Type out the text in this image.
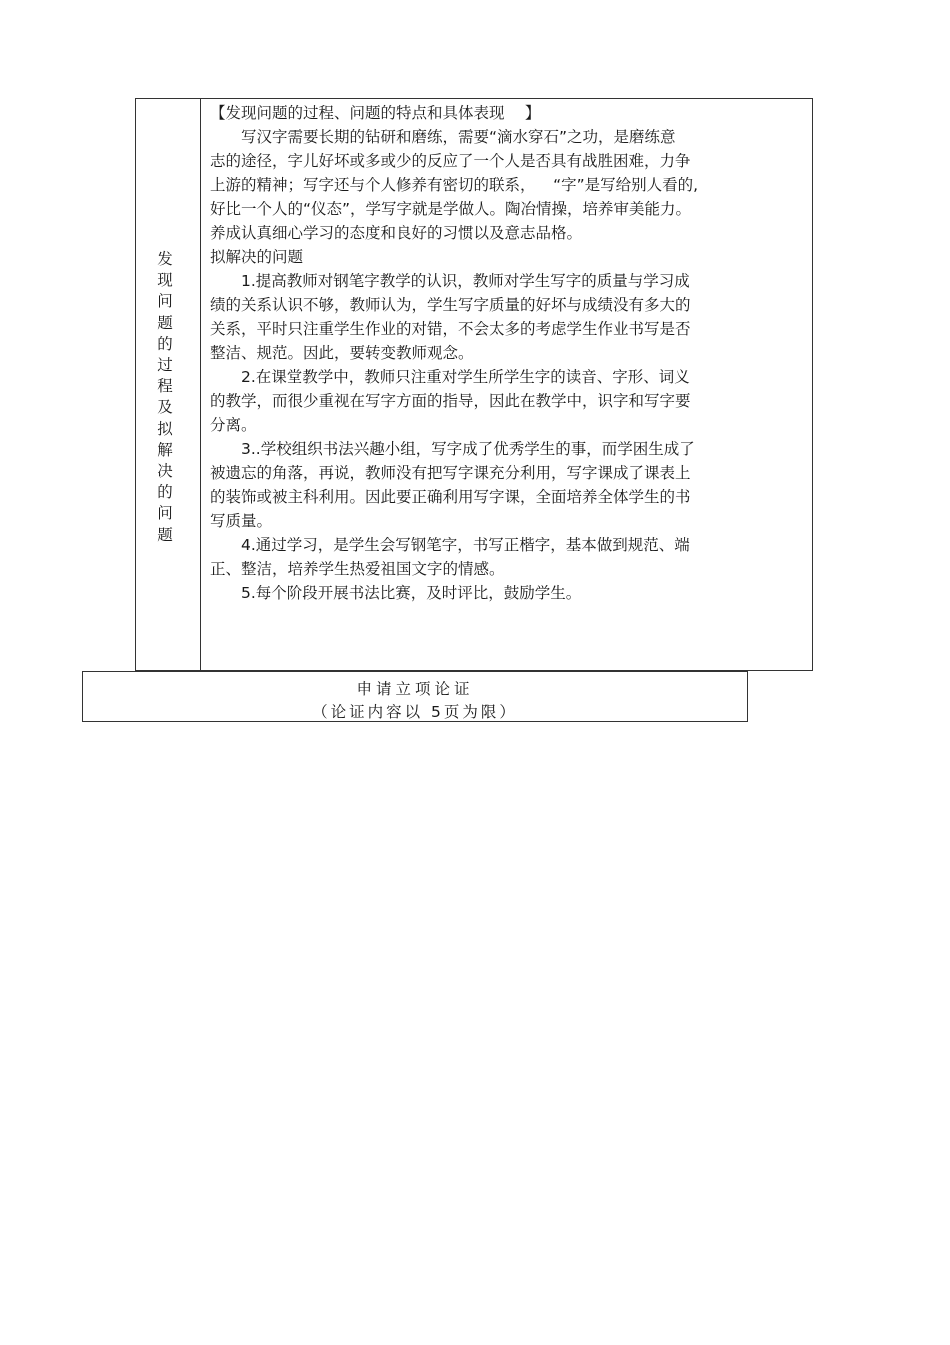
发现问题的过程及拟解决的问题
【发现问题的过程、问题的特点和具体表现　 】
　　写汉字需要长期的钻研和磨练，需要“滴水穿石”之功，是磨练意
志的途径，字儿好坏或多或少的反应了一个人是否具有战胜困难，力争
上游的精神；写字还与个人修养有密切的联系，　  “字”是写给别人看的,
好比一个人的“仪态”，学写字就是学做人。陶冶情操，培养审美能力。
养成认真细心学习的态度和良好的习惯以及意志品格。
拟解决的问题
　　1.提高教师对钢笔字教学的认识，教师对学生写字的质量与学习成
绩的关系认识不够，教师认为，学生写字质量的好坏与成绩没有多大的
关系，平时只注重学生作业的对错，不会太多的考虑学生作业书写是否
整洁、规范。因此，要转变教师观念。
　　2.在课堂教学中，教师只注重对学生所学生字的读音、字形、词义
的教学，而很少重视在写字方面的指导，因此在教学中，识字和写字要
分离。
　　3..学校组织书法兴趣小组，写字成了优秀学生的事，而学困生成了
被遗忘的角落，再说，教师没有把写字课充分利用，写字课成了课表上
的装饰或被主科利用。因此要正确利用写字课，全面培养全体学生的书
写质量。
　　4.通过学习，是学生会写钢笔字，书写正楷字，基本做到规范、端
正、整洁，培养学生热爱祖国文字的情感。
　　5.每个阶段开展书法比赛，及时评比，鼓励学生。
申请立项论证
（论证内容以 5页为限）
